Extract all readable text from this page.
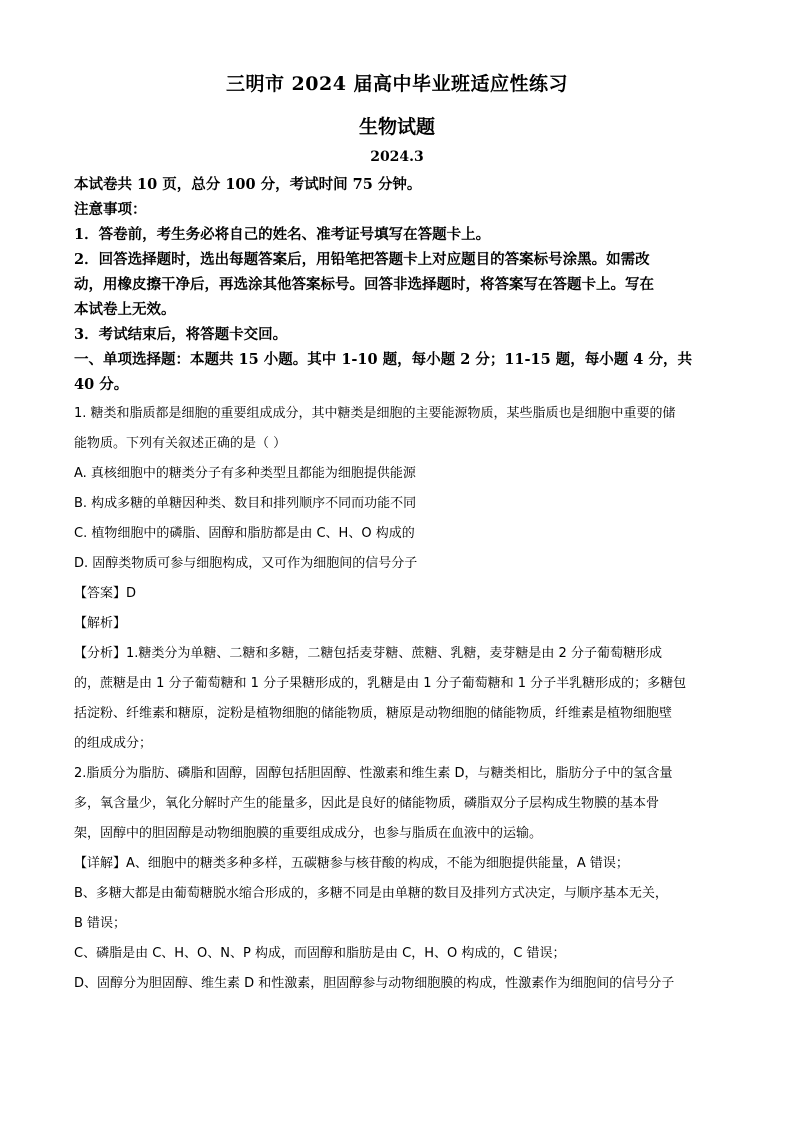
三明市 2024 届高中毕业班适应性练习
生物试题
2024.3

本试卷共 10 页，总分 100 分，考试时间 75 分钟。

注意事项：

1．答卷前，考生务必将自己的姓名、准考证号填写在答题卡上。

2．回答选择题时，选出每题答案后，用铅笔把答题卡上对应题目的答案标号涂黑。如需改

动，用橡皮擦干净后，再选涂其他答案标号。回答非选择题时，将答案写在答题卡上。写在

本试卷上无效。

3．考试结束后，将答题卡交回。

一、单项选择题：本题共 15 小题。其中 1-10 题，每小题 2 分；11-15 题，每小题 4 分，共

40 分。

1. 糖类和脂质都是细胞的重要组成成分，其中糖类是细胞的主要能源物质，某些脂质也是细胞中重要的储

能物质。下列有关叙述正确的是（ ）

A. 真核细胞中的糖类分子有多种类型且都能为细胞提供能源

B. 构成多糖的单糖因种类、数目和排列顺序不同而功能不同

C. 植物细胞中的磷脂、固醇和脂肪都是由 C、H、O 构成的

D. 固醇类物质可参与细胞构成，又可作为细胞间的信号分子

【答案】D

【解析】

【分析】1.糖类分为单糖、二糖和多糖，二糖包括麦芽糖、蔗糖、乳糖，麦芽糖是由 2 分子葡萄糖形成

的，蔗糖是由 1 分子葡萄糖和 1 分子果糖形成的，乳糖是由 1 分子葡萄糖和 1 分子半乳糖形成的；多糖包

括淀粉、纤维素和糖原，淀粉是植物细胞的储能物质，糖原是动物细胞的储能物质，纤维素是植物细胞壁

的组成成分；

2.脂质分为脂肪、磷脂和固醇，固醇包括胆固醇、性激素和维生素 D，与糖类相比，脂肪分子中的氢含量

多，氧含量少，氧化分解时产生的能量多，因此是良好的储能物质，磷脂双分子层构成生物膜的基本骨

架，固醇中的胆固醇是动物细胞膜的重要组成成分，也参与脂质在血液中的运输。

【详解】A、细胞中的糖类多种多样，五碳糖参与核苷酸的构成，不能为细胞提供能量，A 错误；

B、多糖大都是由葡萄糖脱水缩合形成的，多糖不同是由单糖的数目及排列方式决定，与顺序基本无关，

B 错误；

C、磷脂是由 C、H、O、N、P 构成，而固醇和脂肪是由 C，H、O 构成的，C 错误；

D、固醇分为胆固醇、维生素 D 和性激素，胆固醇参与动物细胞膜的构成，性激素作为细胞间的信号分子
